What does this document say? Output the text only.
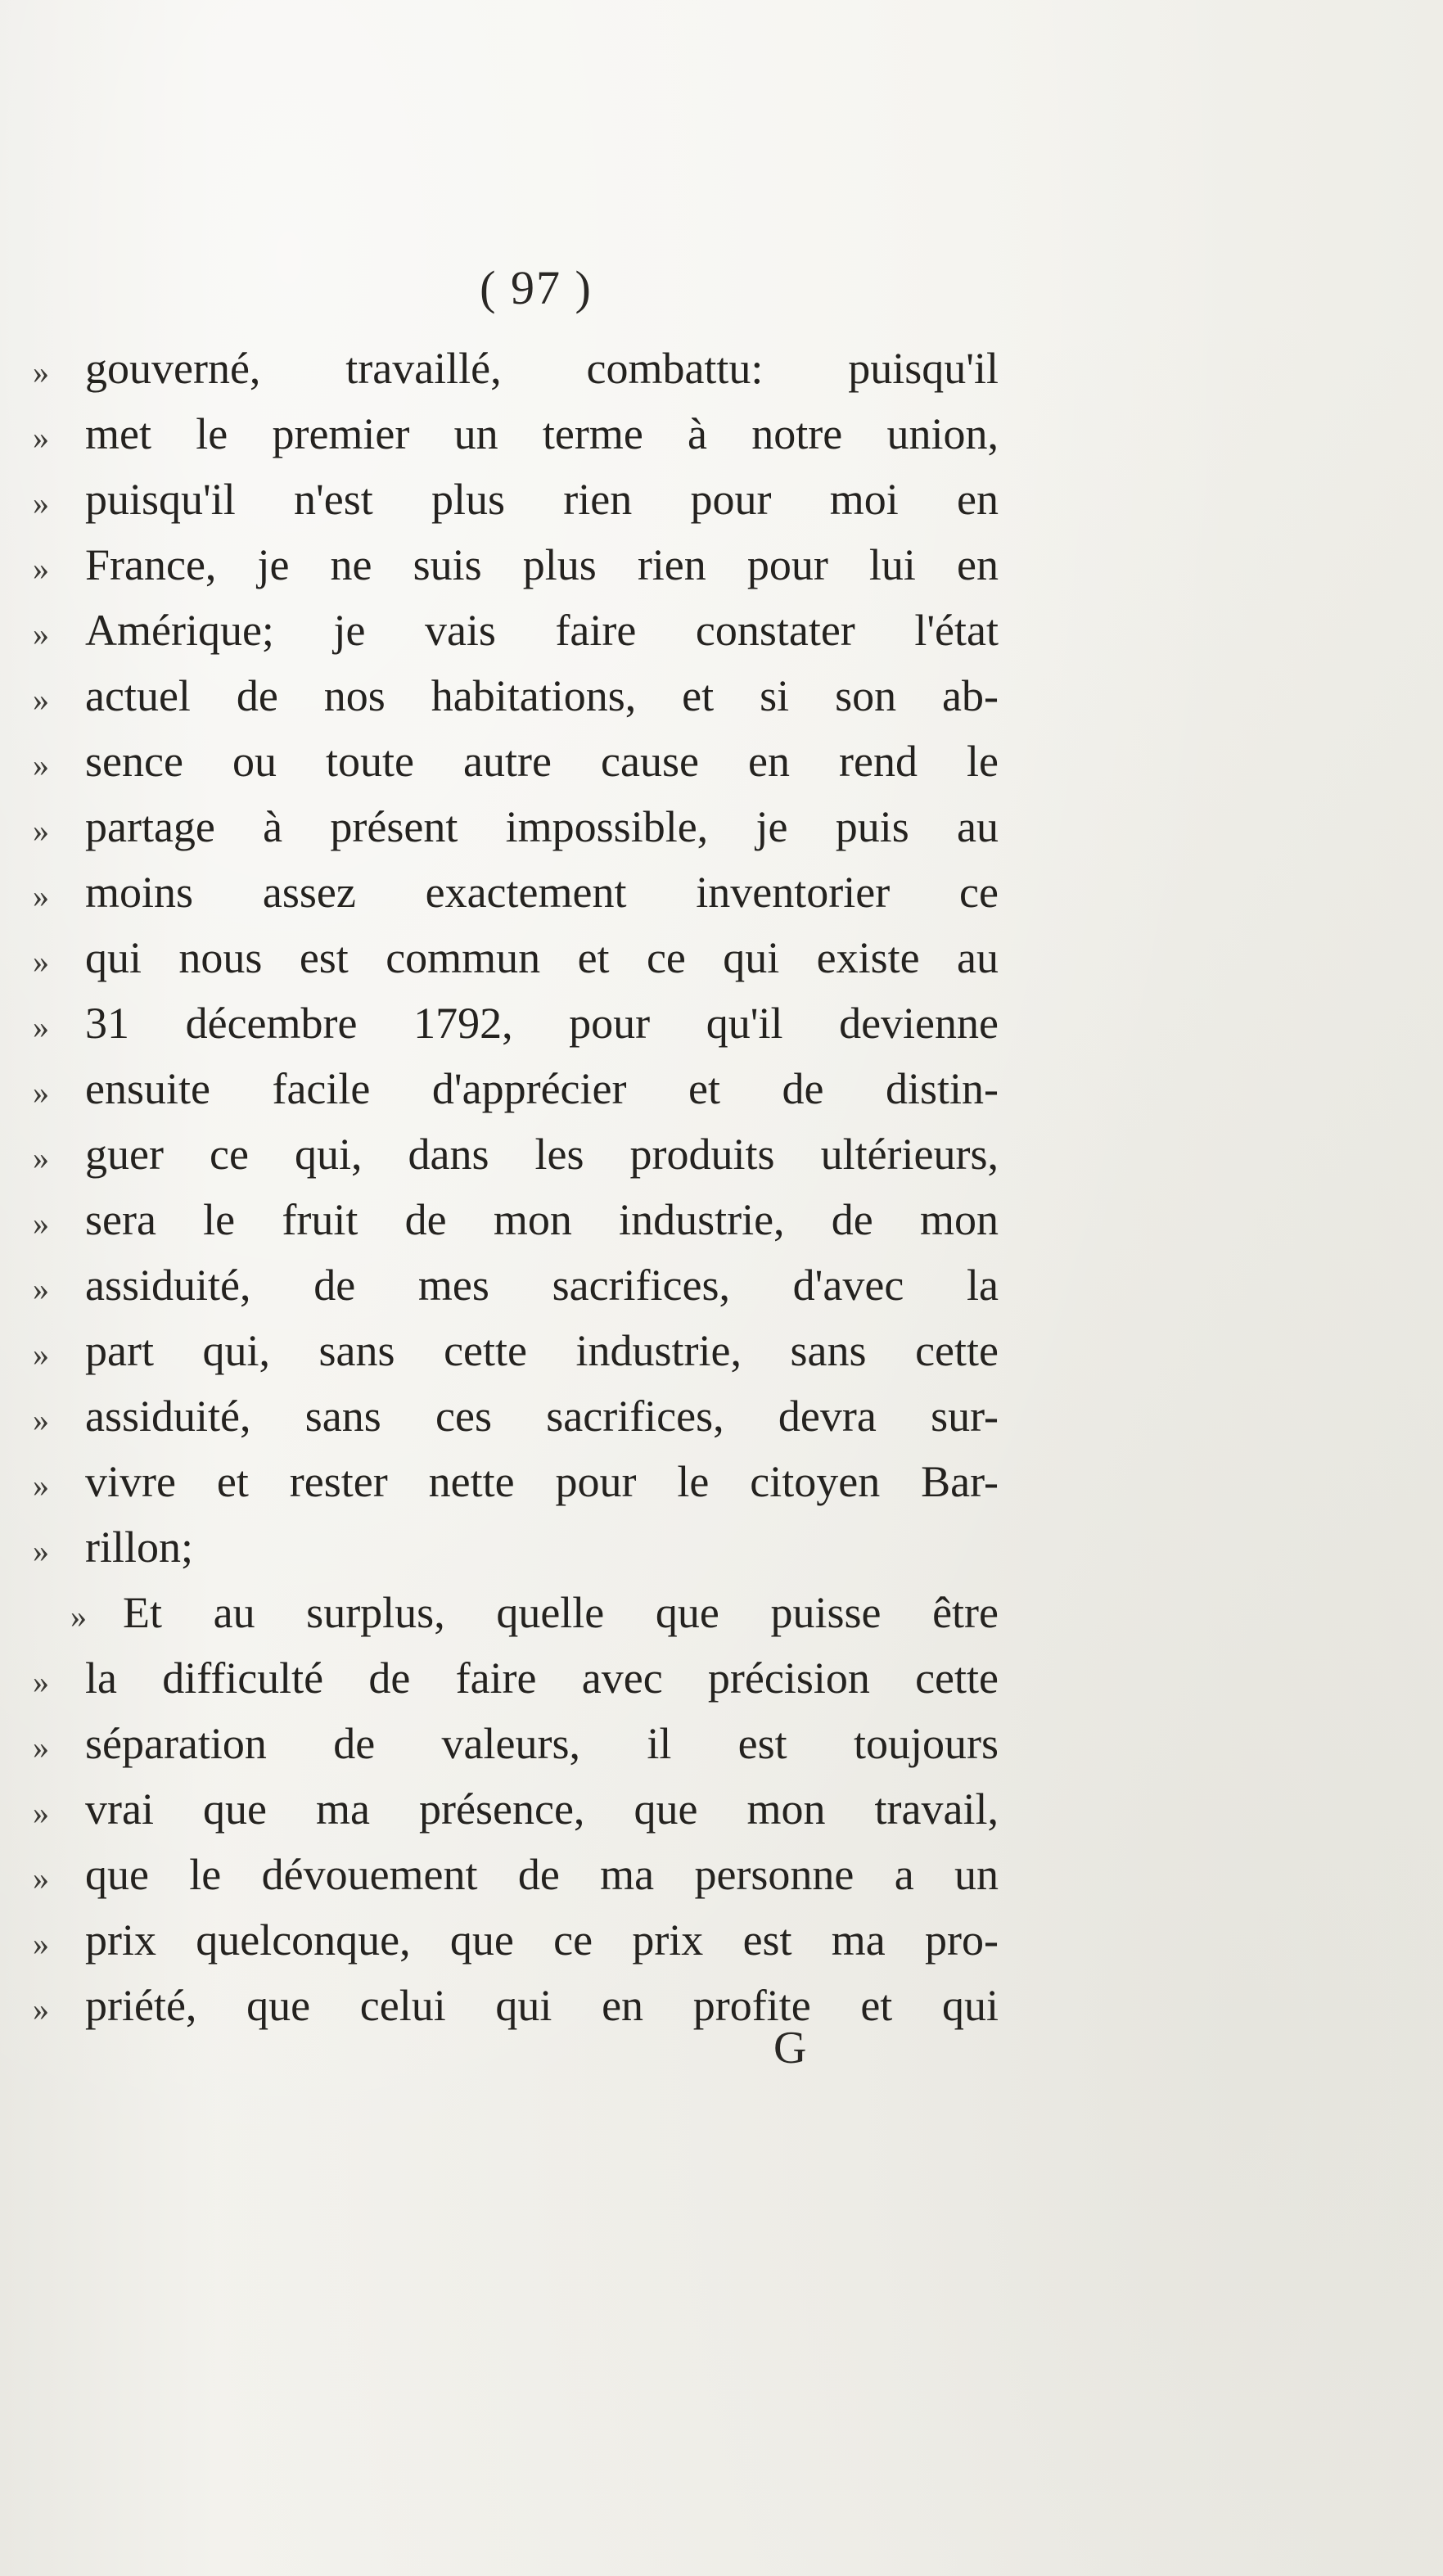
( 97 )
» gouverné, travaillé, combattu: puisqu'il
» met le premier un terme à notre union,
» puisqu'il n'est plus rien pour moi en
» France, je ne suis plus rien pour lui en
» Amérique; je vais faire constater l'état
» actuel de nos habitations, et si son ab-
» sence ou toute autre cause en rend le
» partage à présent impossible, je puis au
» moins assez exactement inventorier ce
» qui nous est commun et ce qui existe au
» 31 décembre 1792, pour qu'il devienne
» ensuite facile d'apprécier et de distin-
» guer ce qui, dans les produits ultérieurs,
» sera le fruit de mon industrie, de mon
» assiduité, de mes sacrifices, d'avec la
» part qui, sans cette industrie, sans cette
» assiduité, sans ces sacrifices, devra sur-
» vivre et rester nette pour le citoyen Bar-
» rillon;
» Et au surplus, quelle que puisse être
» la difficulté de faire avec précision cette
» séparation de valeurs, il est toujours
» vrai que ma présence, que mon travail,
» que le dévouement de ma personne a un
» prix quelconque, que ce prix est ma pro-
» priété, que celui qui en profite et qui
G
